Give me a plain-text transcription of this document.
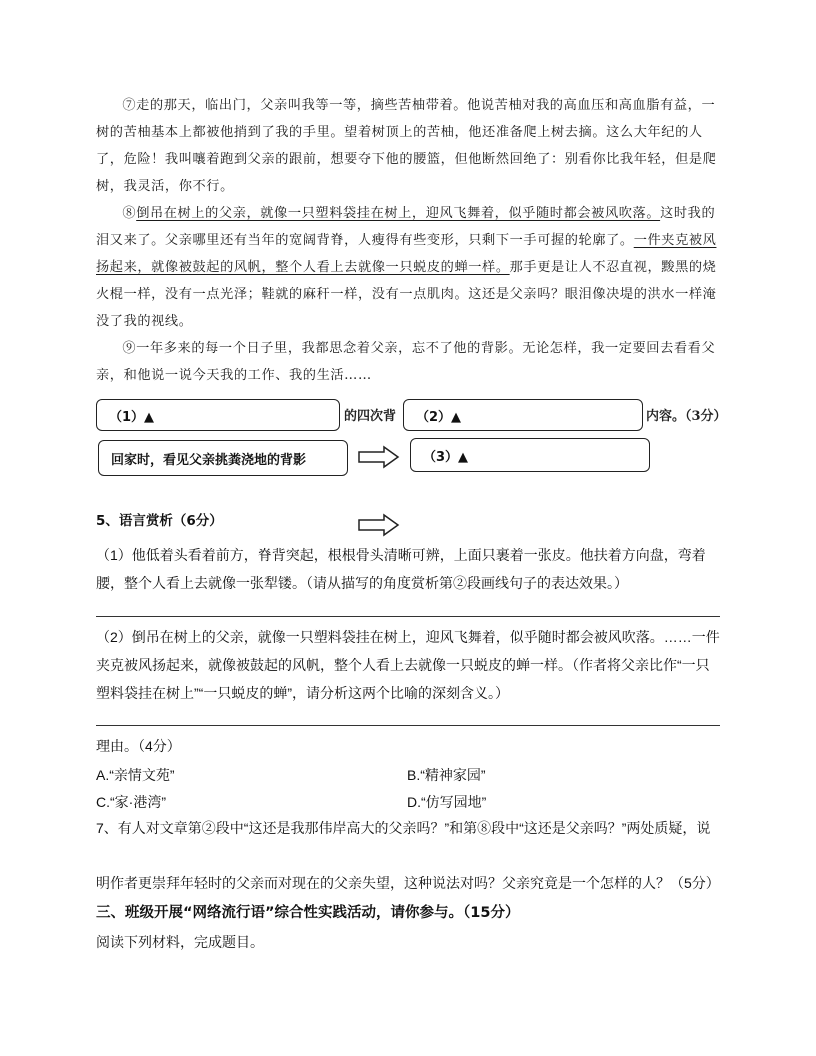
⑦走的那天，临出门，父亲叫我等一等，摘些苦柚带着。他说苦柚对我的高血压和高血脂有益，一树的苦柚基本上都被他捎到了我的手里。望着树顶上的苦柚，他还准备爬上树去摘。这么大年纪的人了，危险！我叫嚷着跑到父亲的跟前，想要夺下他的腰篮，但他断然回绝了：别看你比我年轻，但是爬树，我灵活，你不行。

⑧倒吊在树上的父亲，就像一只塑料袋挂在树上，迎风飞舞着，似乎随时都会被风吹落。这时我的泪又来了。父亲哪里还有当年的宽阔背脊，人瘦得有些变形，只剩下一手可握的轮廓了。一件夹克被风扬起来，就像被鼓起的风帆，整个人看上去就像一只蜕皮的蝉一样。那手更是让人不忍直视，黢黑的烧火棍一样，没有一点光泽；鞋就的麻秆一样，没有一点肌肉。这还是父亲吗？眼泪像决堤的洪水一样淹没了我的视线。

⑨一年多来的每一个日子里，我都思念着父亲，忘不了他的背影。无论怎样，我一定要回去看看父亲，和他说一说今天我的工作、我的生活……

（1）▲	的四次背	（2）▲	内容。（3分）
回家时，看见父亲挑粪浇地的背影	（3）▲
5、语言赏析（6分）
（1）他低着头看着前方，脊背突起，根根骨头清晰可辨，上面只裹着一张皮。他扶着方向盘，弯着腰，整个人看上去就像一张犁镂。（请从描写的角度赏析第②段画线句子的表达效果。）
（2）倒吊在树上的父亲，就像一只塑料袋挂在树上，迎风飞舞着，似乎随时都会被风吹落。……一件夹克被风扬起来，就像被鼓起的风帆，整个人看上去就像一只蜕皮的蝉一样。（作者将父亲比作“一只塑料袋挂在树上”“一只蜕皮的蝉”，请分析这两个比喻的深刻含义。）
理由。（4分）
A.“亲情文苑”	B.“精神家园”
C.“家·港湾”	D.“仿写园地”
7、有人对文章第②段中“这还是我那伟岸高大的父亲吗？”和第⑧段中“这还是父亲吗？”两处质疑，说
明作者更崇拜年轻时的父亲而对现在的父亲失望，这种说法对吗？父亲究竟是一个怎样的人？（5分）
三、班级开展“网络流行语”综合性实践活动，请你参与。（15分）
阅读下列材料，完成题目。
